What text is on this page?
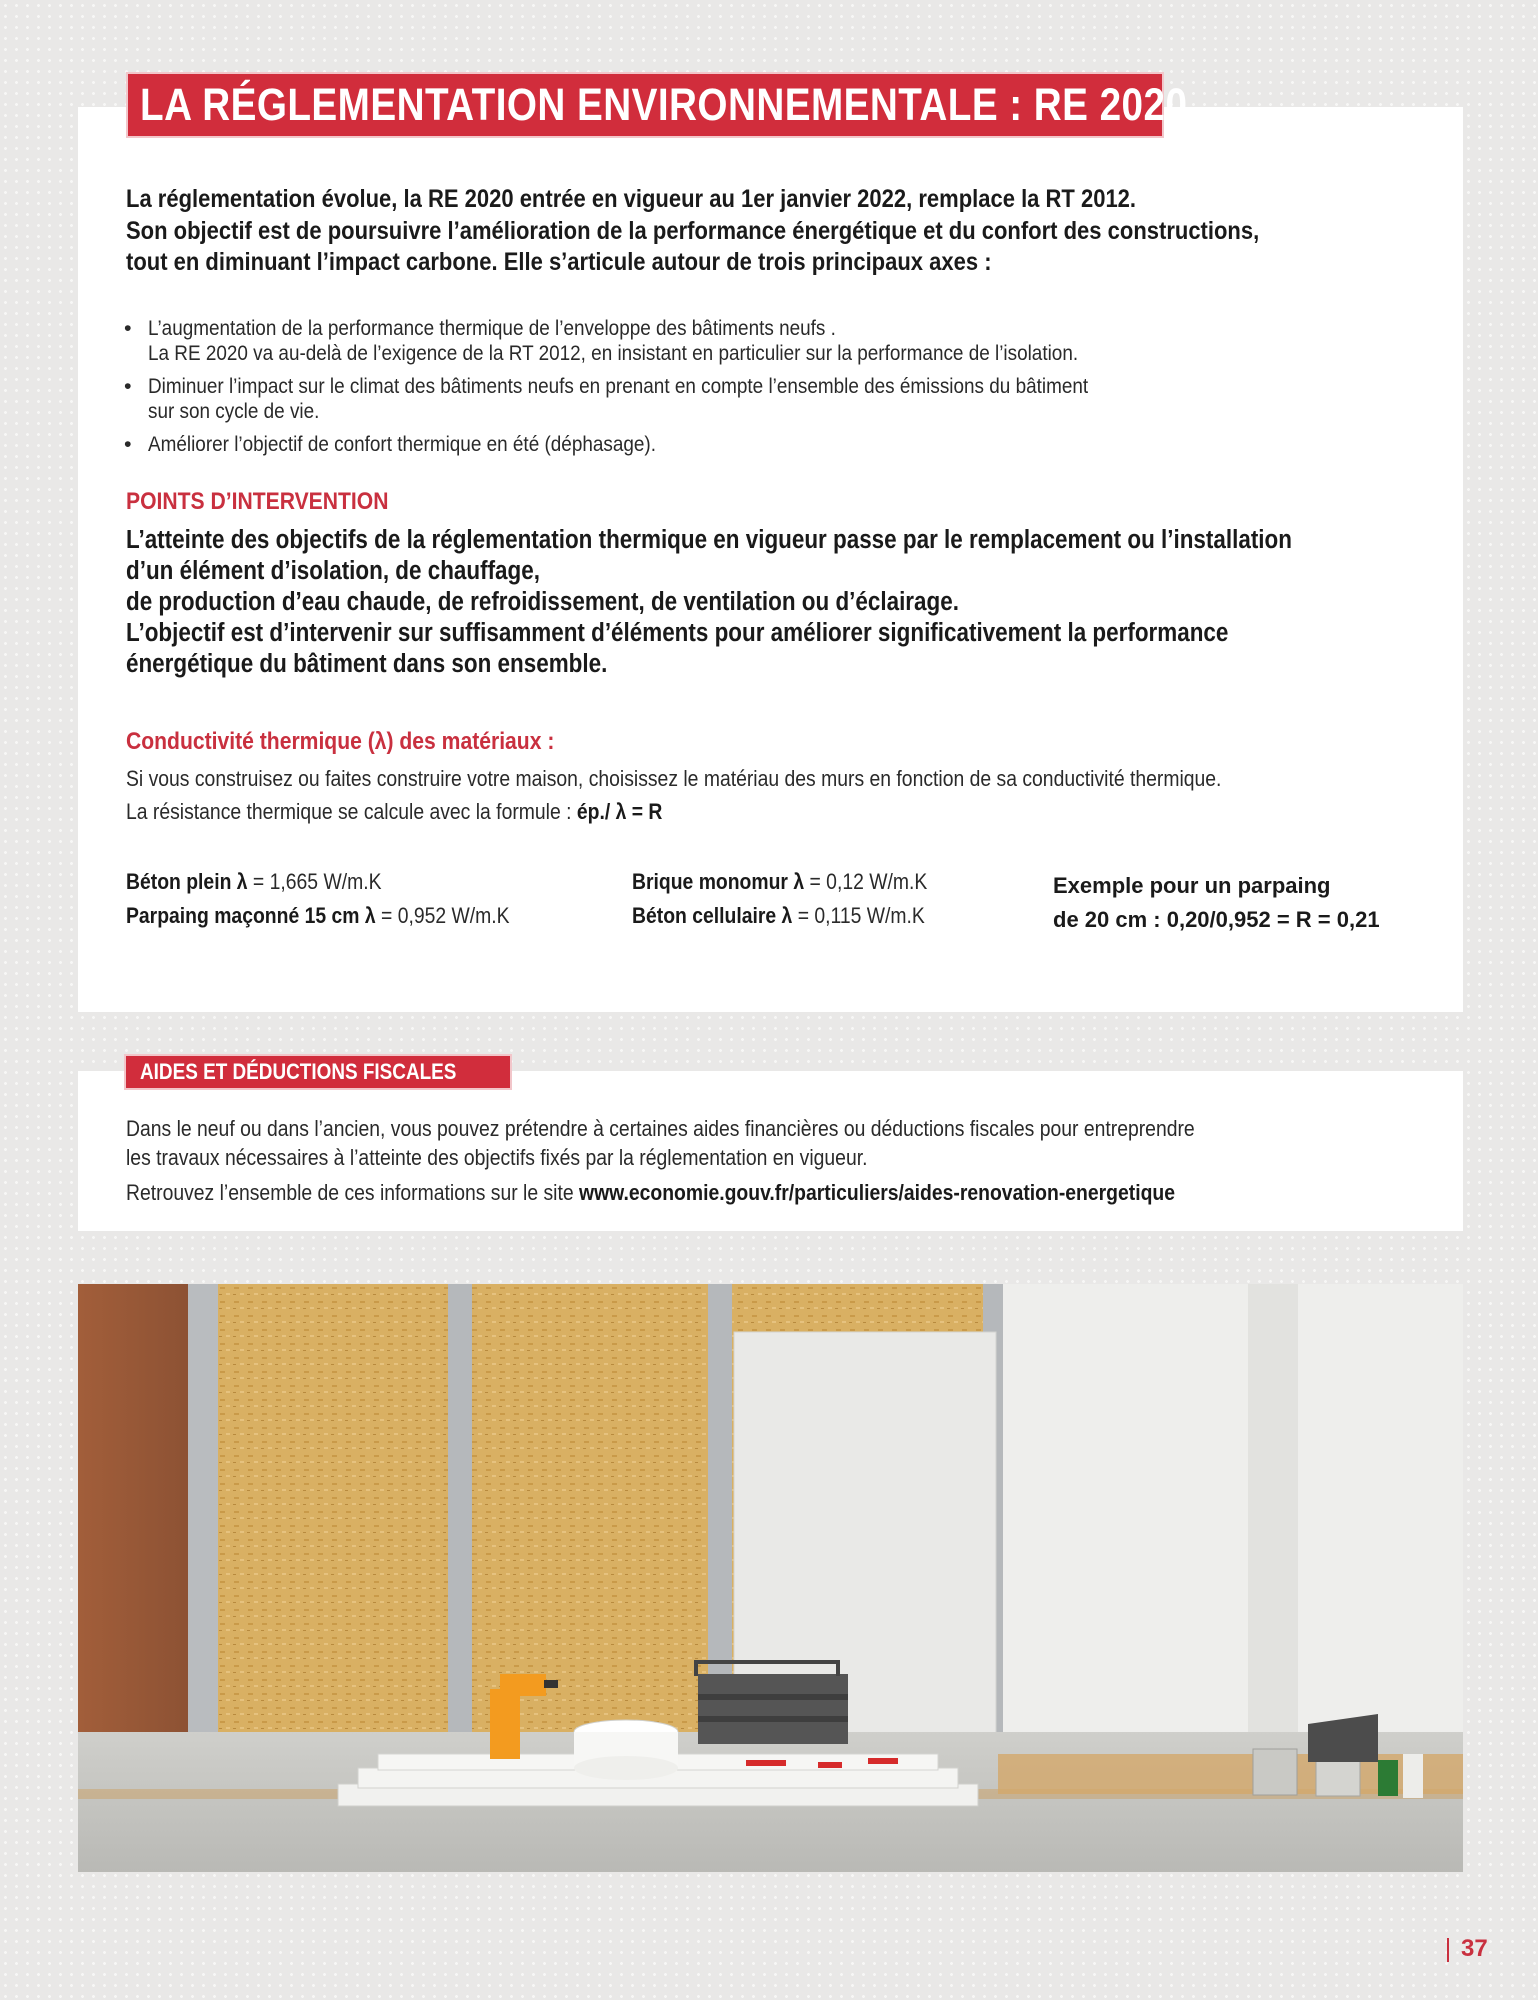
LA RÉGLEMENTATION ENVIRONNEMENTALE : RE 2020
La réglementation évolue, la RE 2020 entrée en vigueur au 1er janvier 2022, remplace la RT 2012.
Son objectif est de poursuivre l’amélioration de la performance énergétique et du confort des constructions,
tout en diminuant l’impact carbone. Elle s’articule autour de trois principaux axes :
• L’augmentation de la performance thermique de l’enveloppe des bâtiments neufs .
La RE 2020 va au-delà de l’exigence de la RT 2012, en insistant en particulier sur la performance de l’isolation.
• Diminuer l’impact sur le climat des bâtiments neufs en prenant en compte l’ensemble des émissions du bâtiment
sur son cycle de vie.
• Améliorer l’objectif de confort thermique en été (déphasage).
POINTS D’INTERVENTION
L’atteinte des objectifs de la réglementation thermique en vigueur passe par le remplacement ou l’installation
d’un élément d’isolation, de chauffage,
de production d’eau chaude, de refroidissement, de ventilation ou d’éclairage.
L’objectif est d’intervenir sur suffisamment d’éléments pour améliorer significativement la performance
énergétique du bâtiment dans son ensemble.
Conductivité thermique (λ) des matériaux :
Si vous construisez ou faites construire votre maison, choisissez le matériau des murs en fonction de sa conductivité thermique.
La résistance thermique se calcule avec la formule : ép./ λ = R
Béton plein λ = 1,665 W/m.K
Parpaing maçonné 15 cm λ = 0,952 W/m.K
Brique monomur λ = 0,12 W/m.K
Béton cellulaire λ = 0,115 W/m.K
Exemple pour un parpaing
de 20 cm : 0,20/0,952 = R = 0,21
AIDES ET DÉDUCTIONS FISCALES
Dans le neuf ou dans l’ancien, vous pouvez prétendre à certaines aides financières ou déductions fiscales pour entreprendre
les travaux nécessaires à l’atteinte des objectifs fixés par la réglementation en vigueur.
Retrouvez l’ensemble de ces informations sur le site www.economie.gouv.fr/particuliers/aides-renovation-energetique
37
